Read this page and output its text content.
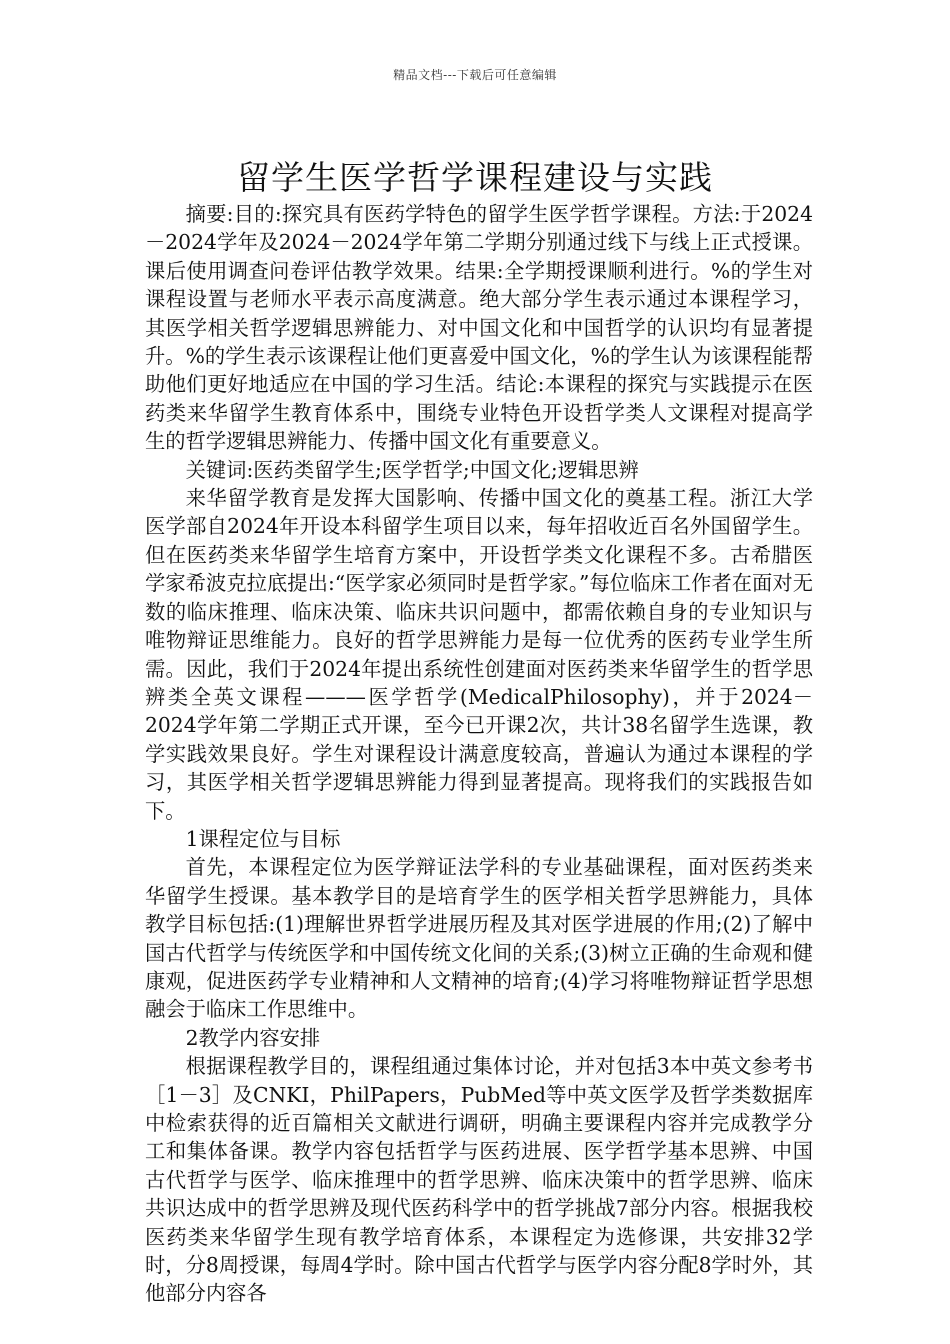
精品文档---下载后可任意编辑
留学生医学哲学课程建设与实践

摘要:目的:探究具有医药学特色的留学生医学哲学课程。方法:于2024－2024学年及2024－2024学年第二学期分别通过线下与线上正式授课。课后使用调查问卷评估教学效果。结果:全学期授课顺利进行。%的学生对课程设置与老师水平表示高度满意。绝大部分学生表示通过本课程学习，其医学相关哲学逻辑思辨能力、对中国文化和中国哲学的认识均有显著提升。%的学生表示该课程让他们更喜爱中国文化，%的学生认为该课程能帮助他们更好地适应在中国的学习生活。结论:本课程的探究与实践提示在医药类来华留学生教育体系中，围绕专业特色开设哲学类人文课程对提高学生的哲学逻辑思辨能力、传播中国文化有重要意义。

关键词:医药类留学生;医学哲学;中国文化;逻辑思辨

来华留学教育是发挥大国影响、传播中国文化的奠基工程。浙江大学医学部自2024年开设本科留学生项目以来，每年招收近百名外国留学生。但在医药类来华留学生培育方案中，开设哲学类文化课程不多。古希腊医学家希波克拉底提出:“医学家必须同时是哲学家。”每位临床工作者在面对无数的临床推理、临床决策、临床共识问题中，都需依赖自身的专业知识与唯物辩证思维能力。良好的哲学思辨能力是每一位优秀的医药专业学生所需。因此，我们于2024年提出系统性创建面对医药类来华留学生的哲学思辨类全英文课程———医学哲学(MedicalPhilosophy)，并于2024－2024学年第二学期正式开课，至今已开课2次，共计38名留学生选课，教学实践效果良好。学生对课程设计满意度较高，普遍认为通过本课程的学习，其医学相关哲学逻辑思辨能力得到显著提高。现将我们的实践报告如下。

1课程定位与目标

首先，本课程定位为医学辩证法学科的专业基础课程，面对医药类来华留学生授课。基本教学目的是培育学生的医学相关哲学思辨能力，具体教学目标包括:(1)理解世界哲学进展历程及其对医学进展的作用;(2)了解中国古代哲学与传统医学和中国传统文化间的关系;(3)树立正确的生命观和健康观，促进医药学专业精神和人文精神的培育;(4)学习将唯物辩证哲学思想融会于临床工作思维中。

2教学内容安排

根据课程教学目的，课程组通过集体讨论，并对包括3本中英文参考书［1－3］及CNKI，PhilPapers，PubMed等中英文医学及哲学类数据库中检索获得的近百篇相关文献进行调研，明确主要课程内容并完成教学分工和集体备课。教学内容包括哲学与医药进展、医学哲学基本思辨、中国古代哲学与医学、临床推理中的哲学思辨、临床决策中的哲学思辨、临床共识达成中的哲学思辨及现代医药科学中的哲学挑战7部分内容。根据我校医药类来华留学生现有教学培育体系，本课程定为选修课，共安排32学时，分8周授课，每周4学时。除中国古代哲学与医学内容分配8学时外，其他部分内容各
